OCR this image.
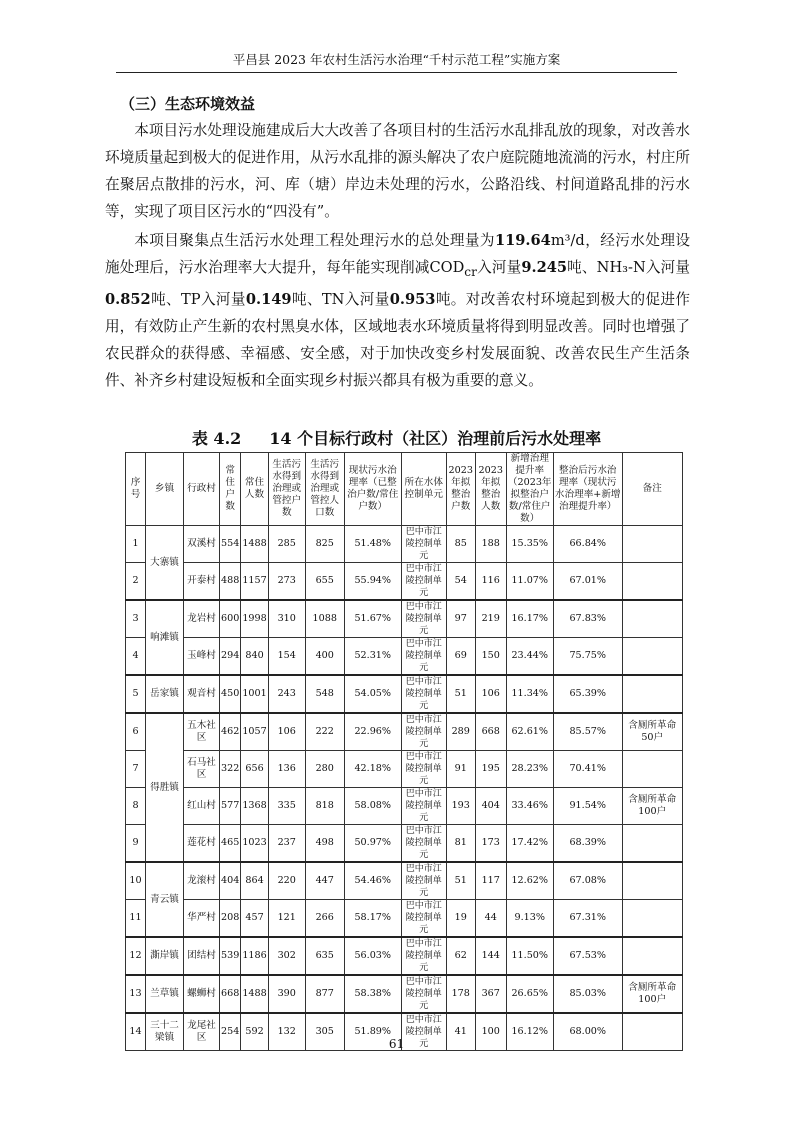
平昌县 2023 年农村生活污水治理“千村示范工程”实施方案
（三）生态环境效益
本项目污水处理设施建成后大大改善了各项目村的生活污水乱排乱放的现象，对改善水环境质量起到极大的促进作用，从污水乱排的源头解决了农户庭院随地流淌的污水，村庄所在聚居点散排的污水，河、库（塘）岸边未处理的污水，公路沿线、村间道路乱排的污水等，实现了项目区污水的“四没有”。
本项目聚集点生活污水处理工程处理污水的总处理量为119.64m³/d，经污水处理设施处理后，污水治理率大大提升，每年能实现削减$COD_{cr}$入河量9.245吨、NH₃-N入河量0.852吨、TP入河量0.149吨、TN入河量0.953吨。对改善农村环境起到极大的促进作用，有效防止产生新的农村黑臭水体，区域地表水环境质量将得到明显改善。同时也增强了农民群众的获得感、幸福感、安全感，对于加快改变乡村发展面貌、改善农民生产生活条件、补齐乡村建设短板和全面实现乡村振兴都具有极为重要的意义。
表 4.2 14 个目标行政村（社区）治理前后污水处理率
序号	乡镇	行政村	常住户数	常住人数	生活污水得到治理或管控户数	生活污水得到治理或管控人口数	现状污水治理率（已整治户数/常住户数）	所在水体控制单元	2023年拟整治户数	2023年拟整治人数	新增治理提升率（2023年拟整治户数/常住户数）	整治后污水治理率（现状污水治理率+新增治理提升率）	备注
1	大寨镇	双溪村	554	1488	285	825	51.48%	巴中市江陵控制单元	85	188	15.35%	66.84%	
2		开泰村	488	1157	273	655	55.94%	巴中市江陵控制单元	54	116	11.07%	67.01%	
3	响滩镇	龙岩村	600	1998	310	1088	51.67%	巴中市江陵控制单元	97	219	16.17%	67.83%	
4		玉峰村	294	840	154	400	52.31%	巴中市江陵控制单元	69	150	23.44%	75.75%	
5	岳家镇	观音村	450	1001	243	548	54.05%	巴中市江陵控制单元	51	106	11.34%	65.39%	
6	得胜镇	五木社区	462	1057	106	222	22.96%	巴中市江陵控制单元	289	668	62.61%	85.57%	含厕所革命50户
7		石马社区	322	656	136	280	42.18%	巴中市江陵控制单元	91	195	28.23%	70.41%	
8		红山村	577	1368	335	818	58.08%	巴中市江陵控制单元	193	404	33.46%	91.54%	含厕所革命100户
9		莲花村	465	1023	237	498	50.97%	巴中市江陵控制单元	81	173	17.42%	68.39%	
10	青云镇	龙滚村	404	864	220	447	54.46%	巴中市江陵控制单元	51	117	12.62%	67.08%	
11		华严村	208	457	121	266	58.17%	巴中市江陵控制单元	19	44	9.13%	67.31%	
12	澌岸镇	团结村	539	1186	302	635	56.03%	巴中市江陵控制单元	62	144	11.50%	67.53%	
13	兰草镇	螺蛳村	668	1488	390	877	58.38%	巴中市江陵控制单元	178	367	26.65%	85.03%	含厕所革命100户
14	三十二梁镇	龙尾社区	254	592	132	305	51.89%	巴中市江陵控制单元	41	100	16.12%	68.00%	
61
